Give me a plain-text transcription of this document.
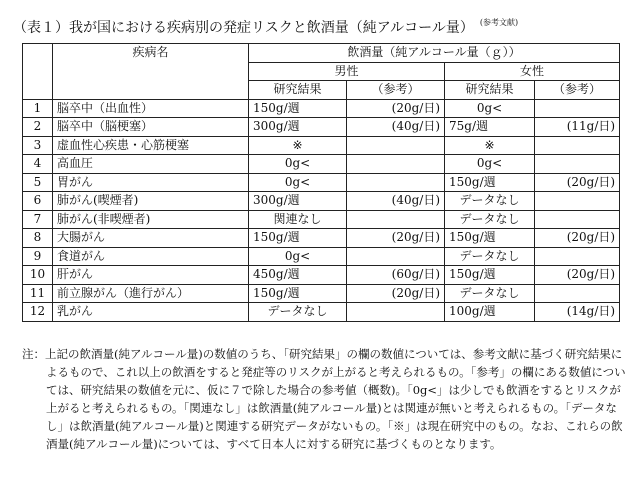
（表１）我が国における疾病別の発症リスクと飲酒量（純アルコール量） $^{(参考文献)}$
	疾病名	飲酒量（純アルコール量（ｇ））			
		男性		女性	
		研究結果	（参考）	研究結果	（参考）
1	脳卒中（出血性）	150g/週	(20g/日)	0g<	
2	脳卒中（脳梗塞）	300g/週	(40g/日)	75g/週	(11g/日)
3	虚血性心疾患・心筋梗塞	※		※	
4	高血圧	0g<		0g<	
5	胃がん	0g<		150g/週	(20g/日)
6	肺がん(喫煙者)	300g/週	(40g/日)	データなし	
7	肺がん(非喫煙者)	関連なし		データなし	
8	大腸がん	150g/週	(20g/日)	150g/週	(20g/日)
9	食道がん	0g<		データなし	
10	肝がん	450g/週	(60g/日)	150g/週	(20g/日)
11	前立腺がん（進行がん）	150g/週	(20g/日)	データなし	
12	乳がん	データなし		100g/週	(14g/日)

注：上記の飲酒量(純アルコール量)の数値のうち、「研究結果」の欄の数値については、参考文献に基づく研究結果によるもので、これ以上の飲酒をすると発症等のリスクが上がると考えられるもの。「参考」の欄にある数値については、研究結果の数値を元に、仮に７で除した場合の参考値（概数)。「0g<」は少しでも飲酒をするとリスクが上がると考えられるもの。「関連なし」は飲酒量(純アルコール量)とは関連が無いと考えられるもの。「データなし」は飲酒量(純アルコール量)と関連する研究データがないもの。「※」は現在研究中のもの。なお、これらの飲酒量(純アルコール量)については、すべて日本人に対する研究に基づくものとなります。
